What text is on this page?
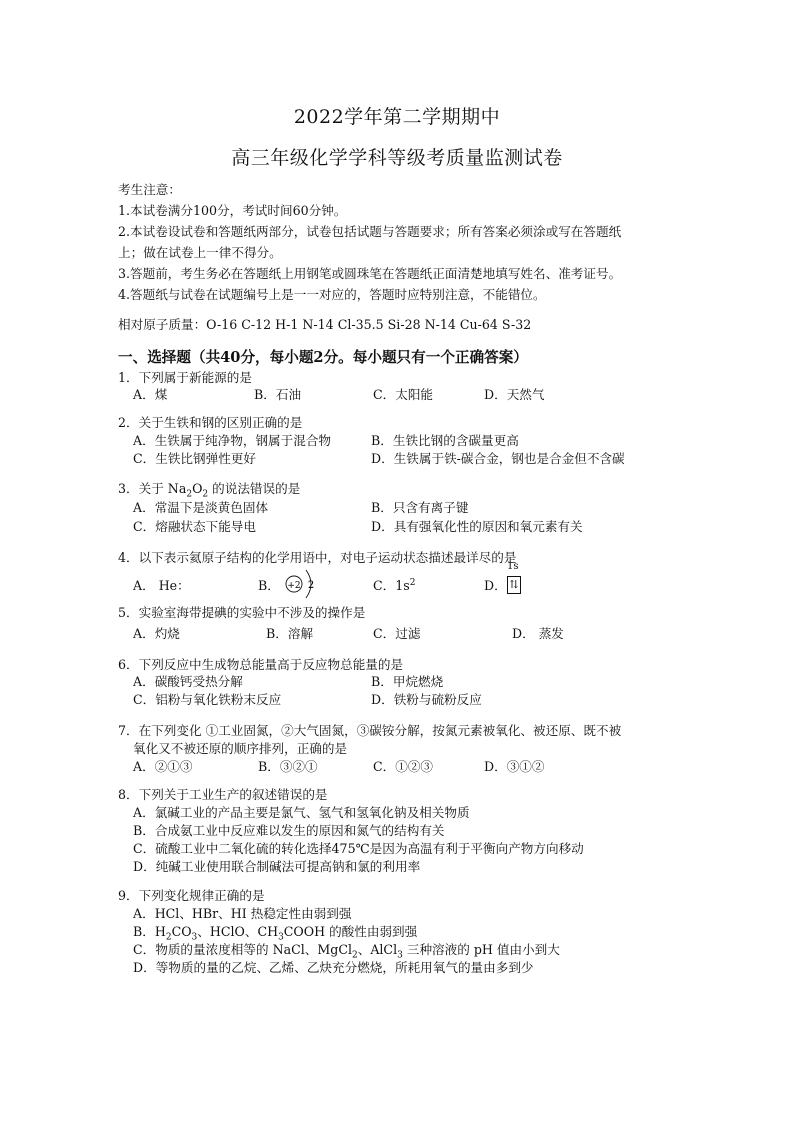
2022学年第二学期期中
高三年级化学学科等级考质量监测试卷
考生注意：
1.本试卷满分100分，考试时间60分钟。
2.本试卷设试卷和答题纸两部分，试卷包括试题与答题要求；所有答案必须涂或写在答题纸
上；做在试卷上一律不得分。
3.答题前，考生务必在答题纸上用钢笔或圆珠笔在答题纸正面清楚地填写姓名、准考证号。
4.答题纸与试卷在试题编号上是一一对应的，答题时应特别注意，不能错位。
相对原子质量：O-16 C-12 H-1 N-14 Cl-35.5 Si-28 N-14 Cu-64 S-32
一、选择题（共40分，每小题2分。每小题只有一个正确答案）
1．下列属于新能源的是
A．煤	B．石油	C．太阳能	D．天然气
2．关于生铁和钢的区别正确的是
A．生铁属于纯净物，钢属于混合物	B．生铁比钢的含碳量更高
C．生铁比钢弹性更好	D．生铁属于铁-碳合金，钢也是合金但不含碳
3．关于 $Na_2O_2$ 的说法错误的是
A．常温下是淡黄色固体	B．只含有离子键
C．熔融状态下能导电	D．具有强氧化性的原因和氧元素有关
4．以下表示氦原子结构的化学用语中，对电子运动状态描述最详尽的是
A． He：	B． +2 2	C．$1s^2$	D．
1s
⇅
5．实验室海带提碘的实验中不涉及的操作是
A．灼烧	B．溶解	C．过滤	D． 蒸发
6．下列反应中生成物总能量高于反应物总能量的是
A．碳酸钙受热分解	B．甲烷燃烧
C．铝粉与氧化铁粉末反应	D．铁粉与硫粉反应
7．在下列变化 ①工业固氮，②大气固氮，③碳铵分解，按氮元素被氧化、被还原、既不被
氧化又不被还原的顺序排列，正确的是
A．②①③	B．③②①	C．①②③	D．③①②
8．下列关于工业生产的叙述错误的是
A．氯碱工业的产品主要是氯气、氢气和氢氧化钠及相关物质
B．合成氨工业中反应难以发生的原因和氮气的结构有关
C．硫酸工业中二氧化硫的转化选择475℃是因为高温有利于平衡向产物方向移动
D．纯碱工业使用联合制碱法可提高钠和氯的利用率
9．下列变化规律正确的是
A．HCl、HBr、HI 热稳定性由弱到强
B．$H_2CO_3$、HClO、$CH_3COOH$ 的酸性由弱到强
C．物质的量浓度相等的 NaCl、MgCl$_2$、AlCl$_3$ 三种溶液的 pH 值由小到大
D．等物质的量的乙烷、乙烯、乙炔充分燃烧，所耗用氧气的量由多到少
